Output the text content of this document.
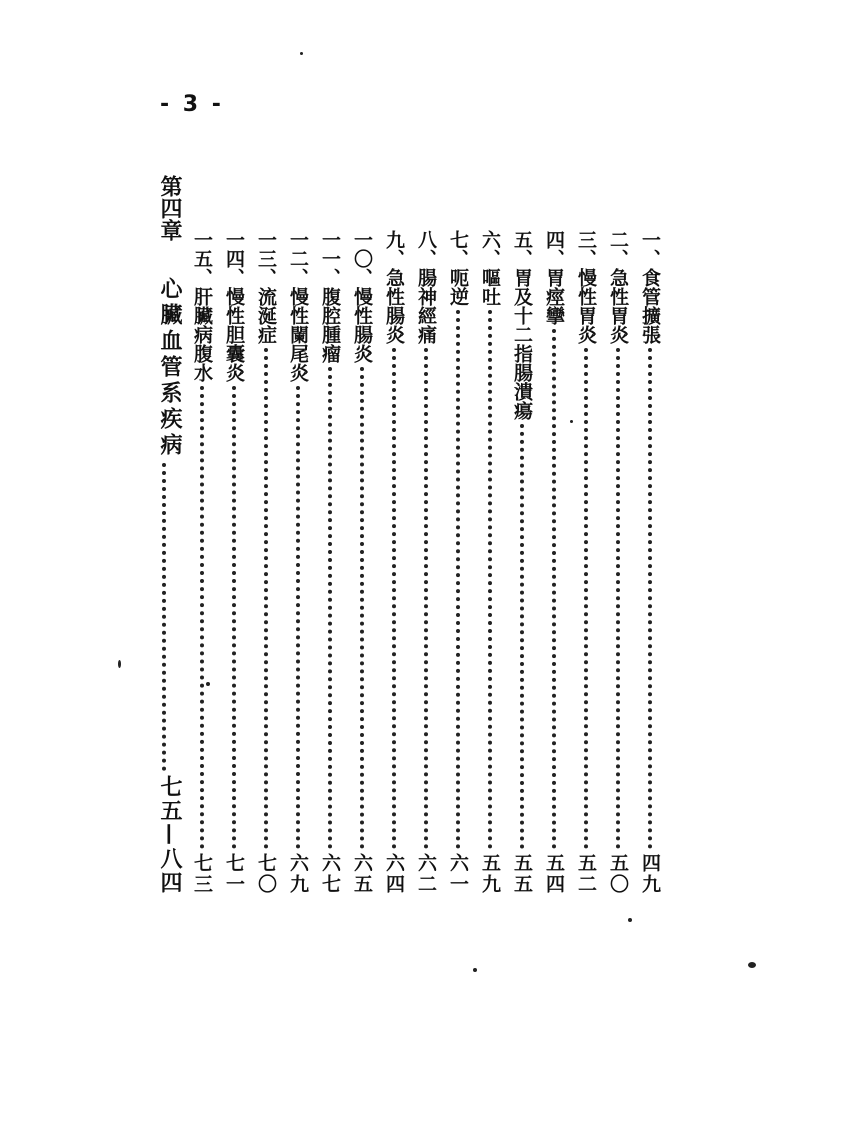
- 3 -
一、
食管擴張
四九
二、
急性胃炎
五〇
三、
慢性胃炎
五二
四、
胃痙攣
五四
五、
胃及十二指腸潰瘍
五五
六、
嘔吐
五九
七、
呃逆
六一
八、
腸神經痛
六二
九、
急性腸炎
六四
一〇、
慢性腸炎
六五
一一、
腹腔腫瘤
六七
一二、
慢性闌尾炎
六九
一三、
流涎症
七〇
一四、
慢性胆囊炎
七一
一五、
肝臟病腹水
七三
第四章
心臟血管系疾病
七五—八四
